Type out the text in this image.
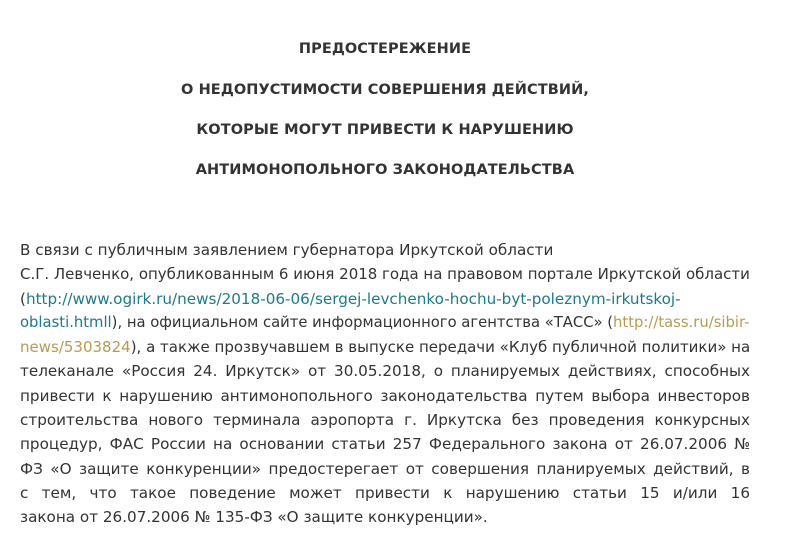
ПРЕДОСТЕРЕЖЕНИЕ
О НЕДОПУСТИМОСТИ СОВЕРШЕНИЯ ДЕЙСТВИЙ,
КОТОРЫЕ МОГУТ ПРИВЕСТИ К НАРУШЕНИЮ
АНТИМОНОПОЛЬНОГО ЗАКОНОДАТЕЛЬСТВА
В связи с публичным заявлением губернатора Иркутской области
С.Г. Левченко, опубликованным 6 июня 2018 года на правовом портале Иркутской области
(http://www.ogirk.ru/news/2018-06-06/sergej-levchenko-hochu-byt-poleznym-irkutskoj-
oblasti.htmll), на официальном сайте информационного агентства «ТАСС» (http://tass.ru/sibir-
news/5303824), а также прозвучавшем в выпуске передачи «Клуб публичной политики» на
телеканале «Россия 24. Иркутск» от 30.05.2018, о планируемых действиях, способных
привести к нарушению антимонопольного законодательства путем выбора инвесторов
строительства нового терминала аэропорта г. Иркутска без проведения конкурсных
процедур, ФАС России на основании статьи 257 Федерального закона от 26.07.2006 №
ФЗ «О защите конкуренции» предостерегает от совершения планируемых действий, в
с тем, что такое поведение может привести к нарушению статьи 15 и/или 16
закона от 26.07.2006 № 135-ФЗ «О защите конкуренции».
